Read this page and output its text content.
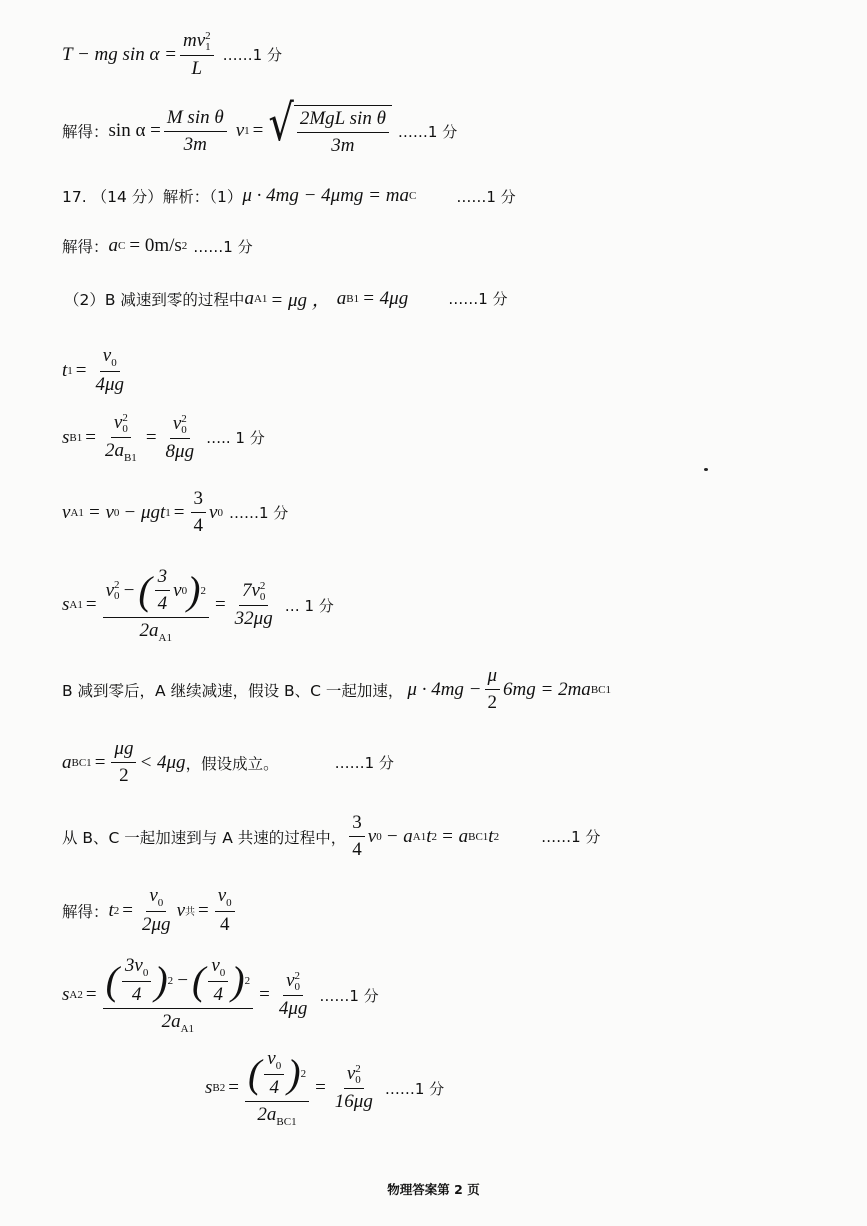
T − mg sin α = mv 2
1
L ……1 分
解得： $\sin \alpha = \frac{\text{M sin θ}}{3m}$ v 1 = √ $\frac{\text{2MgL sin θ}}{3m}$ ……1 分
17. （14 分）解析：（1） μ · 4mg − 4μmg = ma C	……1 分
解得： a C = 0m/s 2 ……1 分
（2）B 减速到零的过程中 a A1 = μg ， a B1 = 4μg	……1 分
t $1 = \frac{v_0}{4\mu g}$
s B1 = v 2
0
$2a_{B1} = v$ 2
0
8μg ….. 1 分
v A1 = v 0 − μgt $1 = \frac{3}{4}$ v 0 ……1 分
s A1 =
v 2
0 − ( $\frac{3}{4}$ v 0 ) 2
$2a_{A1}$
= 7v 2
0
32μg … 1 分
B 减到零后，A 继续减速，假设 B、C 一起加速， $\mu \cdot 4mg - \frac{\mu}{2} 6mg = 2ma$ BC1
a $BC1 = \frac{\mu g}{2} < 4\mu g$ ，假设成立。	……1 分
从 B、C 一起加速到与 A 共速的过程中， $\frac{3}{4}$ v 0 − a A1 t 2 = a BC1 t 2	……1 分
解得： t $2 = \frac{v_0}{2\mu g}$ v 共 = $\frac{v_0}{4}$
s A2 = ( $\frac{3v_0}{4}$ ) 2 − ( $\frac{v_0}{4}$ ) 2
$2a_{A1}$
= v 2
0
4μg ……1 分
s $B2 = \frac{( \frac{v_0}{4} ) 2}{2a_{BC1}} = v$ 2
0
16μg ……1 分
物理答案第 2 页
